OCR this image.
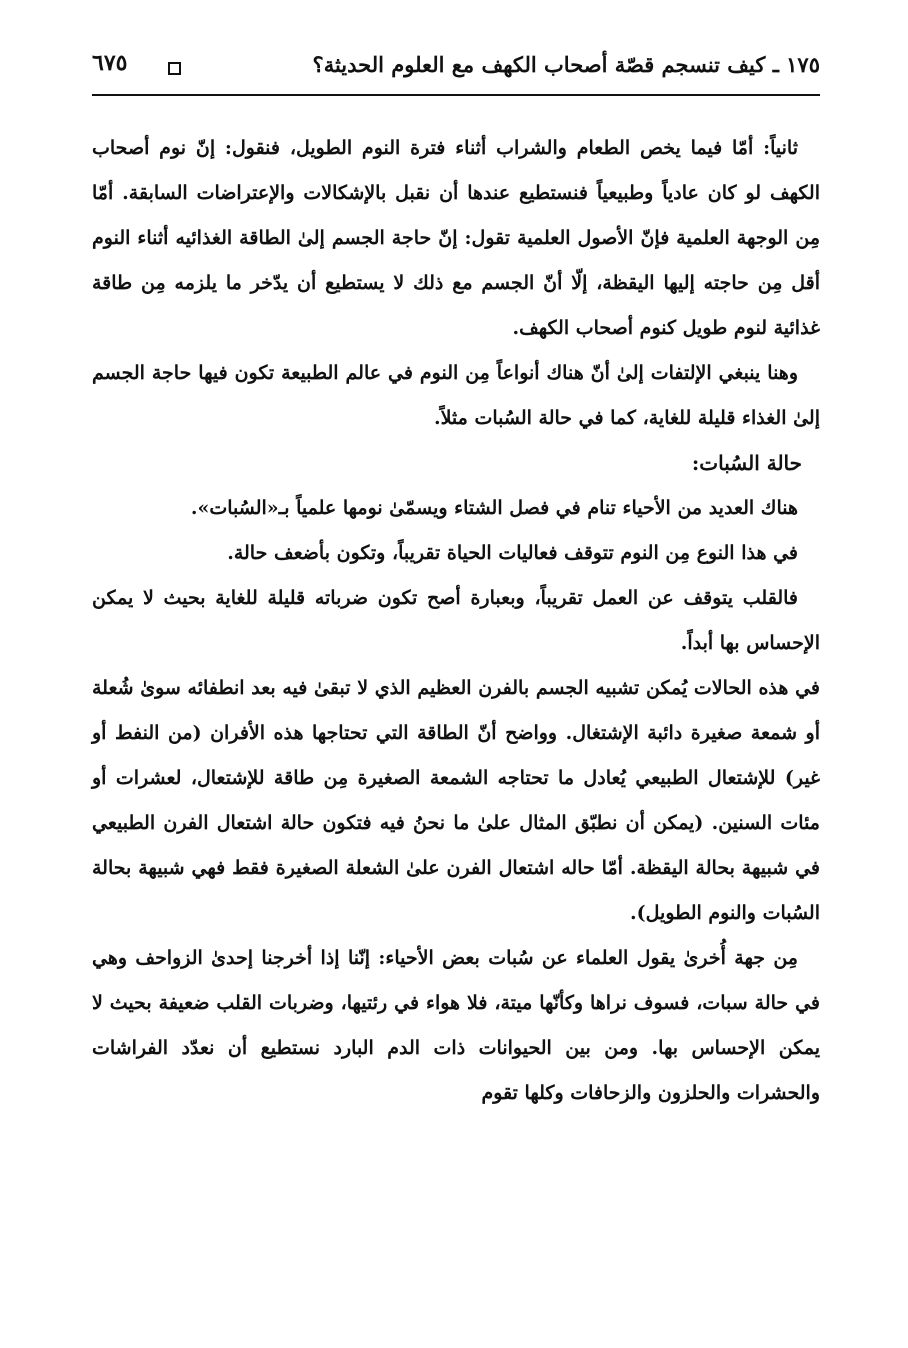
١٧٥ ـ كيف تنسجم قصّة أصحاب الكهف مع العلوم الحديثة؟
٦٧٥

ثانياً: أمّا فيما يخص الطعام والشراب أثناء فترة النوم الطويل، فنقول: إنّ نوم أصحاب الكهف لو كان عادياً وطبيعياً فنستطيع عندها أن نقبل بالإشكالات والإعتراضات السابقة. أمّا مِن الوجهة العلمية فإنّ الأصول العلمية تقول: إنّ حاجة الجسم إلىٰ الطاقة الغذائيه أثناء النوم أقل مِن حاجته إليها اليقظة، إلّا أنّ الجسم مع ذلك لا يستطيع أن يدّخر ما يلزمه مِن طاقة غذائية لنوم طويل كنوم أصحاب الكهف.

وهنا ينبغي الإلتفات إلىٰ أنّ هناك أنواعاً مِن النوم في عالم الطبيعة تكون فيها حاجة الجسم إلىٰ الغذاء قليلة للغاية، كما في حالة السُبات مثلاً.

حالة السُبات:

هناك العديد من الأحياء تنام في فصل الشتاء ويسمّىٰ نومها علمياً بـ«السُبات».

في هذا النوع مِن النوم تتوقف فعاليات الحياة تقريباً، وتكون بأضعف حالة.

فالقلب يتوقف عن العمل تقريباً، وبعبارة أصح تكون ضرباته قليلة للغاية بحيث لا يمكن الإحساس بها أبداً.

في هذه الحالات يُمكن تشبيه الجسم بالفرن العظيم الذي لا تبقىٰ فيه بعد انطفائه سوىٰ شُعلة أو شمعة صغيرة دائبة الإشتغال. وواضح أنّ الطاقة التي تحتاجها هذه الأفران (من النفط أو غير) للإشتعال الطبيعي يُعادل ما تحتاجه الشمعة الصغيرة مِن طاقة للإشتعال، لعشرات أو مئات السنين. (يمكن أن نطبّق المثال علىٰ ما نحنُ فيه فتكون حالة اشتعال الفرن الطبيعي في شبيهة بحالة اليقظة. أمّا حاله اشتعال الفرن علىٰ الشعلة الصغيرة فقط فهي شبيهة بحالة السُبات والنوم الطويل).

مِن جهة أُخرىٰ يقول العلماء عن سُبات بعض الأحياء: إنّنا إذا أخرجنا إحدىٰ الزواحف وهي في حالة سبات، فسوف نراها وكأنّها ميتة، فلا هواء في رئتيها، وضربات القلب ضعيفة بحيث لا يمكن الإحساس بها. ومن بين الحيوانات ذات الدم البارد نستطيع أن نعدّد الفراشات والحشرات والحلزون والزحافات وكلها تقوم
